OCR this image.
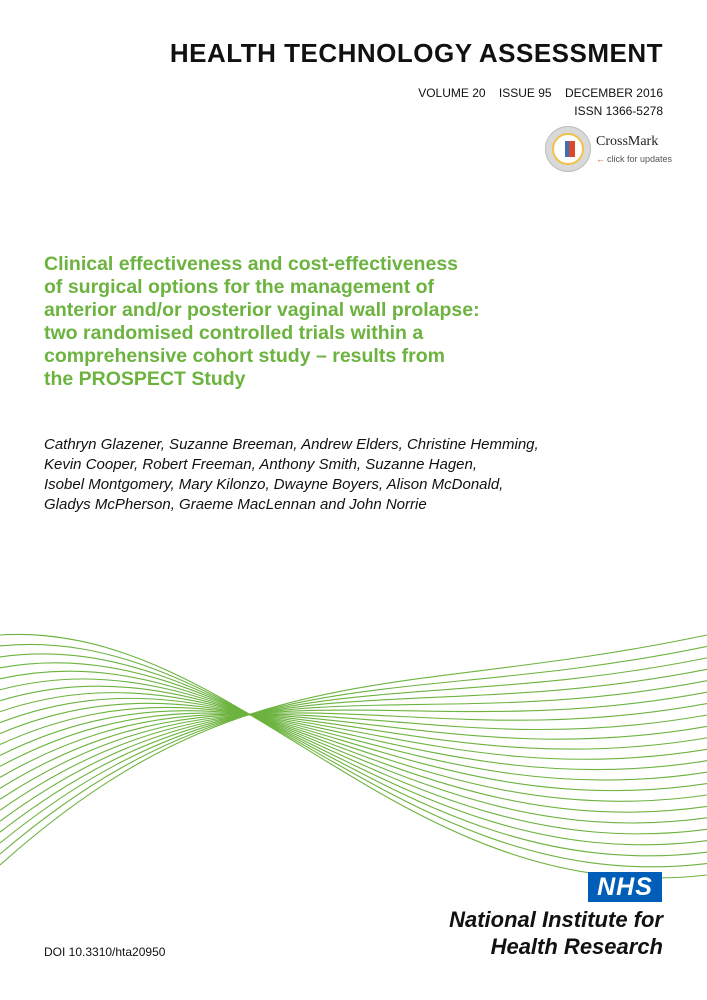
HEALTH TECHNOLOGY ASSESSMENT
VOLUME 20 ISSUE 95 DECEMBER 2016
ISSN 1366-5278
CrossMark
← click for updates
Clinical effectiveness and cost-effectiveness
of surgical options for the management of
anterior and/or posterior vaginal wall prolapse:
two randomised controlled trials within a
comprehensive cohort study – results from
the PROSPECT Study

Cathryn Glazener, Suzanne Breeman, Andrew Elders, Christine Hemming,
Kevin Cooper, Robert Freeman, Anthony Smith, Suzanne Hagen,
Isobel Montgomery, Mary Kilonzo, Dwayne Boyers, Alison McDonald,
Gladys McPherson, Graeme MacLennan and John Norrie

NHS
National Institute for
Health Research
DOI 10.3310/hta20950
